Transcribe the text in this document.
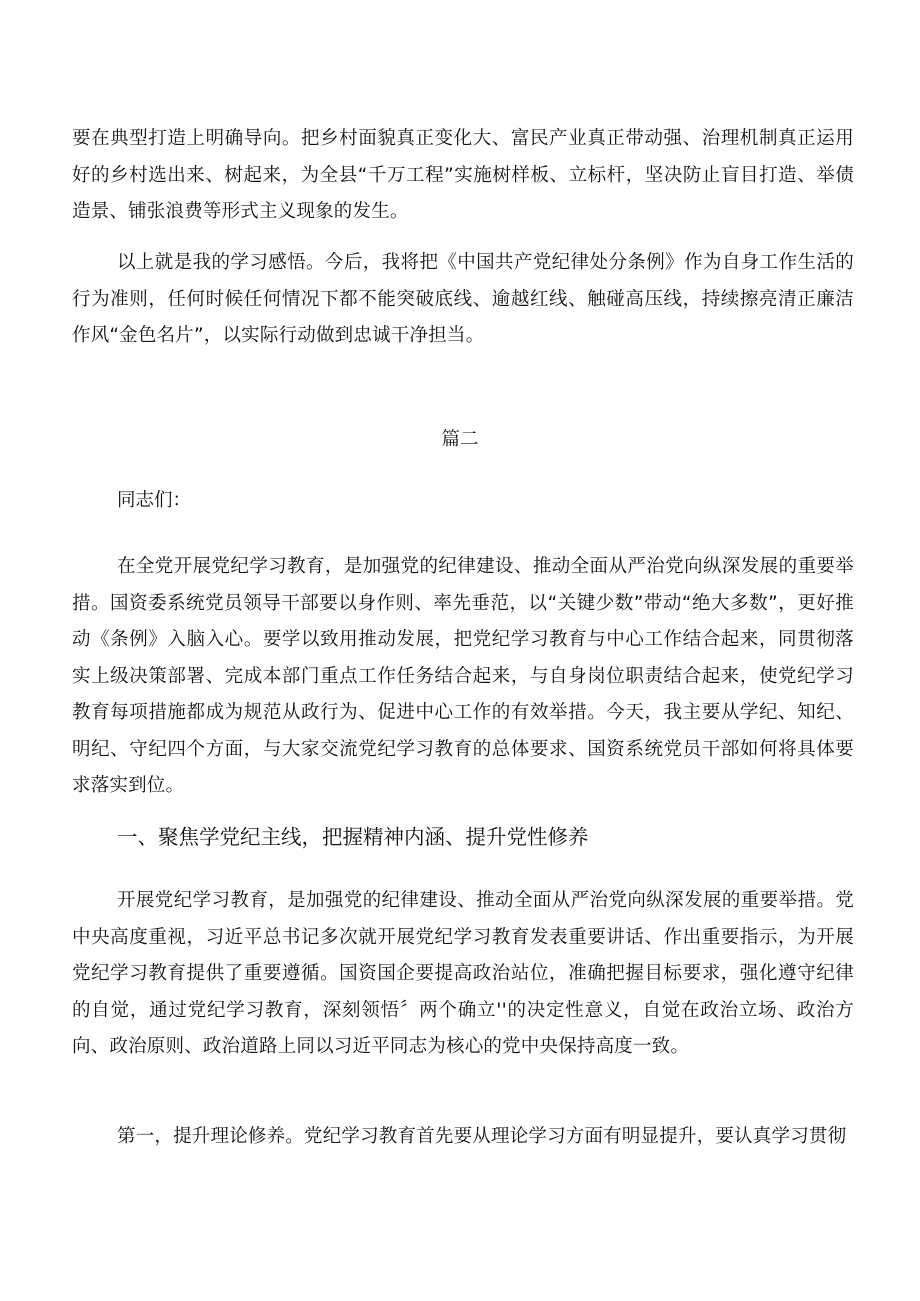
要在典型打造上明确导向。把乡村面貌真正变化大、富民产业真正带动强、治理机制真正运用好的乡村选出来、树起来，为全县“千万工程”实施树样板、立标杆，坚决防止盲目打造、举债造景、铺张浪费等形式主义现象的发生。

以上就是我的学习感悟。今后，我将把《中国共产党纪律处分条例》作为自身工作生活的行为准则，任何时候任何情况下都不能突破底线、逾越红线、触碰高压线，持续擦亮清正廉洁作风“金色名片”，以实际行动做到忠诚干净担当。

篇二

同志们：

在全党开展党纪学习教育，是加强党的纪律建设、推动全面从严治党向纵深发展的重要举措。国资委系统党员领导干部要以身作则、率先垂范，以“关键少数”带动“绝大多数”，更好推动《条例》入脑入心。要学以致用推动发展，把党纪学习教育与中心工作结合起来，同贯彻落实上级决策部署、完成本部门重点工作任务结合起来，与自身岗位职责结合起来，使党纪学习教育每项措施都成为规范从政行为、促进中心工作的有效举措。今天，我主要从学纪、知纪、明纪、守纪四个方面，与大家交流党纪学习教育的总体要求、国资系统党员干部如何将具体要求落实到位。

一、聚焦学党纪主线，把握精神内涵、提升党性修养

开展党纪学习教育，是加强党的纪律建设、推动全面从严治党向纵深发展的重要举措。党中央高度重视，习近平总书记多次就开展党纪学习教育发表重要讲话、作出重要指示，为开展党纪学习教育提供了重要遵循。国资国企要提高政治站位，准确把握目标要求，强化遵守纪律的自觉，通过党纪学习教育，深刻领悟〞两个确立''的决定性意义，自觉在政治立场、政治方向、政治原则、政治道路上同以习近平同志为核心的党中央保持高度一致。

第一，提升理论修养。党纪学习教育首先要从理论学习方面有明显提升，要认真学习贯彻
